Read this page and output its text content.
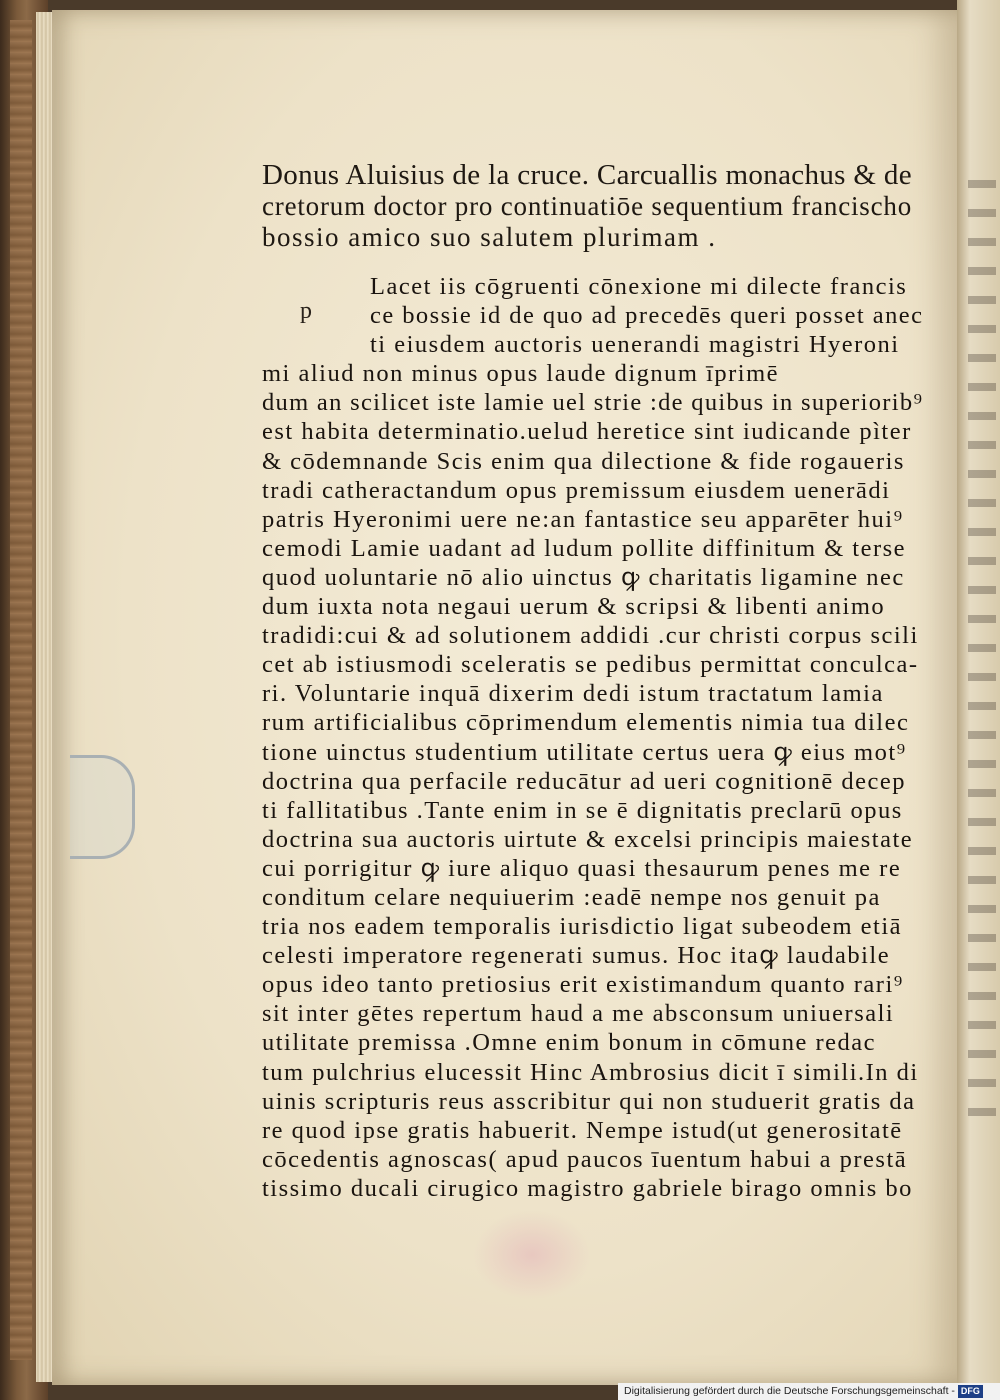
Donus Aluisius de la cruce. Carcuallis monachus & de
cretorum doctor pro continuatiōe sequentium francischo
bossio amico suo salutem plurimam .
p
Lacet iis cōgruenti cōnexione mi dilecte francis
ce bossie id de quo ad precedēs queri posset anec
ti eiusdem auctoris uenerandi magistri Hyeroni
mi aliud non minus opus laude dignum īprimē
dum an scilicet iste lamie uel strie :de quibus in superiorib⁹
est habita determinatio.uelud heretice sint iudicande pìter
& cōdemnande Scis enim qua dilectione & fide rogaueris
tradi catheractandum opus premissum eiusdem uenerādi
patris Hyeronimi uere ne:an fantastice seu apparēter hui⁹
cemodi Lamie uadant ad ludum pollite diffinitum & terse
quod uoluntarie nō alio uinctus ꝙ charitatis ligamine nec
dum iuxta nota negaui uerum & scripsi & libenti animo
tradidi:cui & ad solutionem addidi .cur christi corpus scili
cet ab istiusmodi sceleratis se pedibus permittat conculca-
ri. Voluntarie inquā dixerim dedi istum tractatum lamia
rum artificialibus cōprimendum elementis nimia tua dilec
tione uinctus studentium utilitate certus uera ꝙ eius mot⁹
doctrina qua perfacile reducātur ad ueri cognitionē decep
ti fallitatibus .Tante enim in se ē dignitatis preclarū opus
doctrina sua auctoris uirtute & excelsi principis maiestate
cui porrigitur ꝙ iure aliquo quasi thesaurum penes me re
conditum celare nequiuerim :eadē nempe nos genuit pa
tria nos eadem temporalis iurisdictio ligat subeodem etiā
celesti imperatore regenerati sumus. Hoc itaꝙ laudabile
opus ideo tanto pretiosius erit existimandum quanto rari⁹
sit inter gētes repertum haud a me absconsum uniuersali
utilitate premissa .Omne enim bonum in cōmune redac
tum pulchrius elucessit Hinc Ambrosius dicit ī simili.In di
uinis scripturis reus asscribitur qui non studuerit gratis da
re quod ipse gratis habuerit. Nempe istud(ut generositatē
cōcedentis agnoscas( apud paucos īuentum habui a prestā
tissimo ducali cirugico magistro gabriele birago omnis bo
Digitalisierung gefördert durch die Deutsche Forschungsgemeinschaft - DFG
